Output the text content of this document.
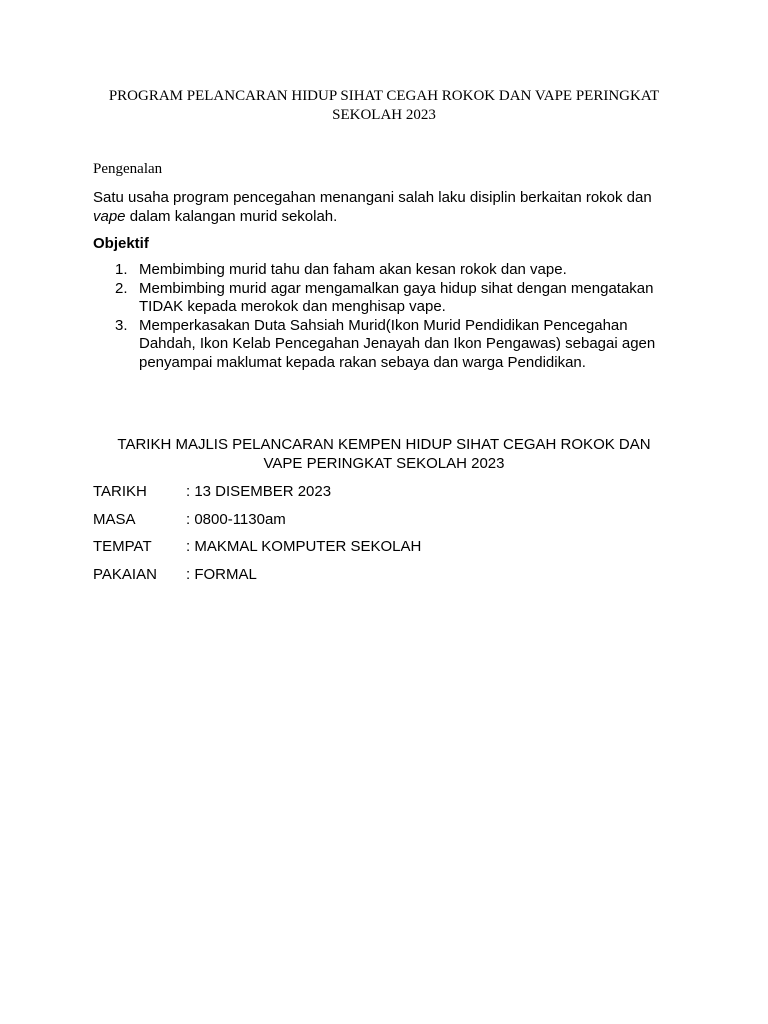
PROGRAM PELANCARAN HIDUP SIHAT CEGAH ROKOK DAN VAPE PERINGKAT
SEKOLAH 2023
Pengenalan
Satu usaha program pencegahan menangani salah laku disiplin berkaitan rokok dan
vape dalam kalangan murid sekolah.
Objektif
1. Membimbing murid tahu dan faham akan kesan rokok dan vape.
2. Membimbing murid agar mengamalkan gaya hidup sihat dengan mengatakan
TIDAK kepada merokok dan menghisap vape.
3. Memperkasakan Duta Sahsiah Murid(Ikon Murid Pendidikan Pencegahan
Dahdah, Ikon Kelab Pencegahan Jenayah dan Ikon Pengawas) sebagai agen
penyampai maklumat kepada rakan sebaya dan warga Pendidikan.
TARIKH MAJLIS PELANCARAN KEMPEN HIDUP SIHAT CEGAH ROKOK DAN
VAPE PERINGKAT SEKOLAH 2023
TARIKH	: 13 DISEMBER 2023
MASA	: 0800-1130am
TEMPAT : MAKMAL KOMPUTER SEKOLAH
PAKAIAN : FORMAL
